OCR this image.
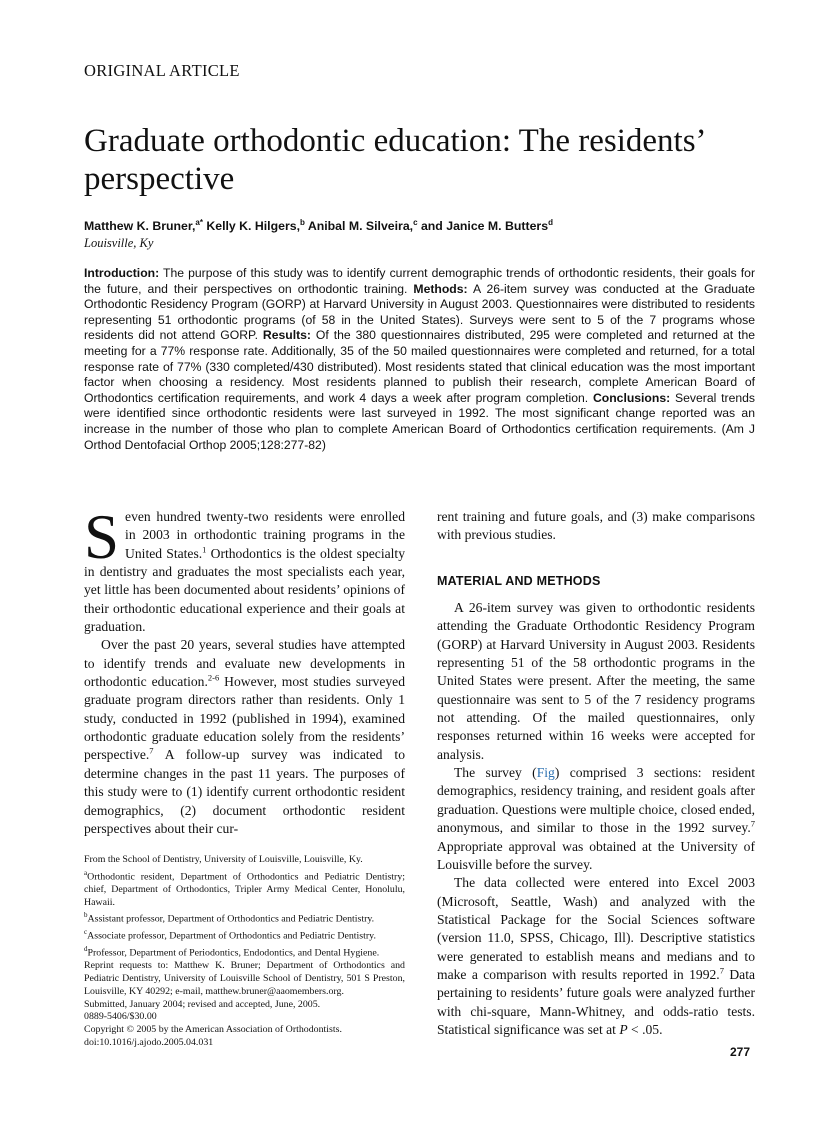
ORIGINAL ARTICLE
Graduate orthodontic education: The residents’ perspective
Matthew K. Bruner,$^{a*}$ Kelly K. Hilgers,$^b$ Anibal M. Silveira,$^c$ and Janice M. Butters$^d$
Louisville, Ky

Introduction: The purpose of this study was to identify current demographic trends of orthodontic residents, their goals for the future, and their perspectives on orthodontic training. Methods: A 26-item survey was conducted at the Graduate Orthodontic Residency Program (GORP) at Harvard University in August 2003. Questionnaires were distributed to residents representing 51 orthodontic programs (of 58 in the United States). Surveys were sent to 5 of the 7 programs whose residents did not attend GORP. Results: Of the 380 questionnaires distributed, 295 were completed and returned at the meeting for a 77% response rate. Additionally, 35 of the 50 mailed questionnaires were completed and returned, for a total response rate of 77% (330 completed/430 distributed). Most residents stated that clinical education was the most important factor when choosing a residency. Most residents planned to publish their research, complete American Board of Orthodontics certification requirements, and work 4 days a week after program completion. Conclusions: Several trends were identified since orthodontic residents were last surveyed in 1992. The most significant change reported was an increase in the number of those who plan to complete American Board of Orthodontics certification requirements. (Am J Orthod Dentofacial Orthop 2005;128:277-82)

Seven hundred twenty-two residents were enrolled in 2003 in orthodontic training programs in the United States.$^1$ Orthodontics is the oldest specialty in dentistry and graduates the most specialists each year, yet little has been documented about residents’ opinions of their orthodontic educational experience and their goals at graduation.

Over the past 20 years, several studies have attempted to identify trends and evaluate new developments in orthodontic education.$^{2-6}$ However, most studies surveyed graduate program directors rather than residents. Only 1 study, conducted in 1992 (published in 1994), examined orthodontic graduate education solely from the residents’ perspective.$^7$ A follow-up survey was indicated to determine changes in the past 11 years. The purposes of this study were to (1) identify current orthodontic resident demographics, (2) document orthodontic resident perspectives about their cur-

rent training and future goals, and (3) make comparisons with previous studies.

MATERIAL AND METHODS

A 26-item survey was given to orthodontic residents attending the Graduate Orthodontic Residency Program (GORP) at Harvard University in August 2003. Residents representing 51 of the 58 orthodontic programs in the United States were present. After the meeting, the same questionnaire was sent to 5 of the 7 residency programs not attending. Of the mailed questionnaires, only responses returned within 16 weeks were accepted for analysis.

The survey (Fig) comprised 3 sections: resident demographics, residency training, and resident goals after graduation. Questions were multiple choice, closed ended, anonymous, and similar to those in the 1992 survey.$^7$ Appropriate approval was obtained at the University of Louisville before the survey.

The data collected were entered into Excel 2003 (Microsoft, Seattle, Wash) and analyzed with the Statistical Package for the Social Sciences software (version 11.0, SPSS, Chicago, Ill). Descriptive statistics were generated to establish means and medians and to make a comparison with results reported in 1992.$^7$ Data pertaining to residents’ future goals were analyzed further with chi-square, Mann-Whitney, and odds-ratio tests. Statistical significance was set at P < .05.

From the School of Dentistry, University of Louisville, Louisville, Ky.
$^a$Orthodontic resident, Department of Orthodontics and Pediatric Dentistry; chief, Department of Orthodontics, Tripler Army Medical Center, Honolulu, Hawaii.
$^b$Assistant professor, Department of Orthodontics and Pediatric Dentistry.
$^c$Associate professor, Department of Orthodontics and Pediatric Dentistry.
$^d$Professor, Department of Periodontics, Endodontics, and Dental Hygiene.
Reprint requests to: Matthew K. Bruner; Department of Orthodontics and Pediatric Dentistry, University of Louisville School of Dentistry, 501 S Preston, Louisville, KY 40292; e-mail, matthew.bruner@aaomembers.org.
Submitted, January 2004; revised and accepted, June, 2005.
0889-5406/$30.00
Copyright © 2005 by the American Association of Orthodontists.
doi:10.1016/j.ajodo.2005.04.031
277
